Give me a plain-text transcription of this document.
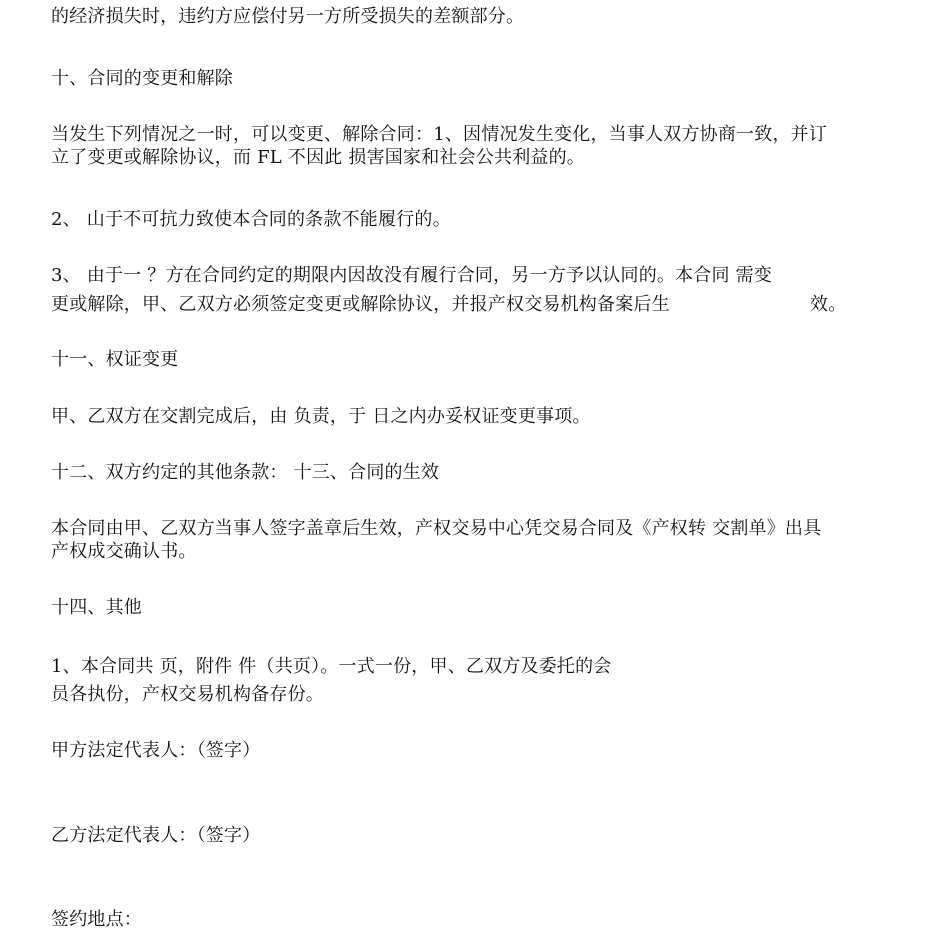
的经济损失时，违约方应偿付另一方所受损失的差额部分。
十、合同的变更和解除
当发生下列情况之一时，可以变更、解除合同：1、因情况发生变化，当事人双方协商一致，并订
立了变更或解除协议，而 FL 不因此 损害国家和社会公共利益的。
2、 山于不可抗力致使本合同的条款不能履行的。
3、 由于一 ？方在合同约定的期限内因故没有履行合同，另一方予以认同的。本合同 需变
更或解除，甲、乙双方必须签定变更或解除协议，并报产权交易机构备案后生	效。
十一、权证变更
甲、乙双方在交割完成后，由 负责，于 日之内办妥权证变更事项。
十二、双方约定的其他条款： 十三、合同的生效
本合同由甲、乙双方当事人签字盖章后生效，产权交易中心凭交易合同及《产权转 交割单》出具
产权成交确认书。
十四、其他
1、本合同共 页，附件 件（共页）。一式一份，甲、乙双方及委托的会
员各执份，产权交易机构备存份。
甲方法定代表人：（签字）
乙方法定代表人：（签字）
签约地点：
